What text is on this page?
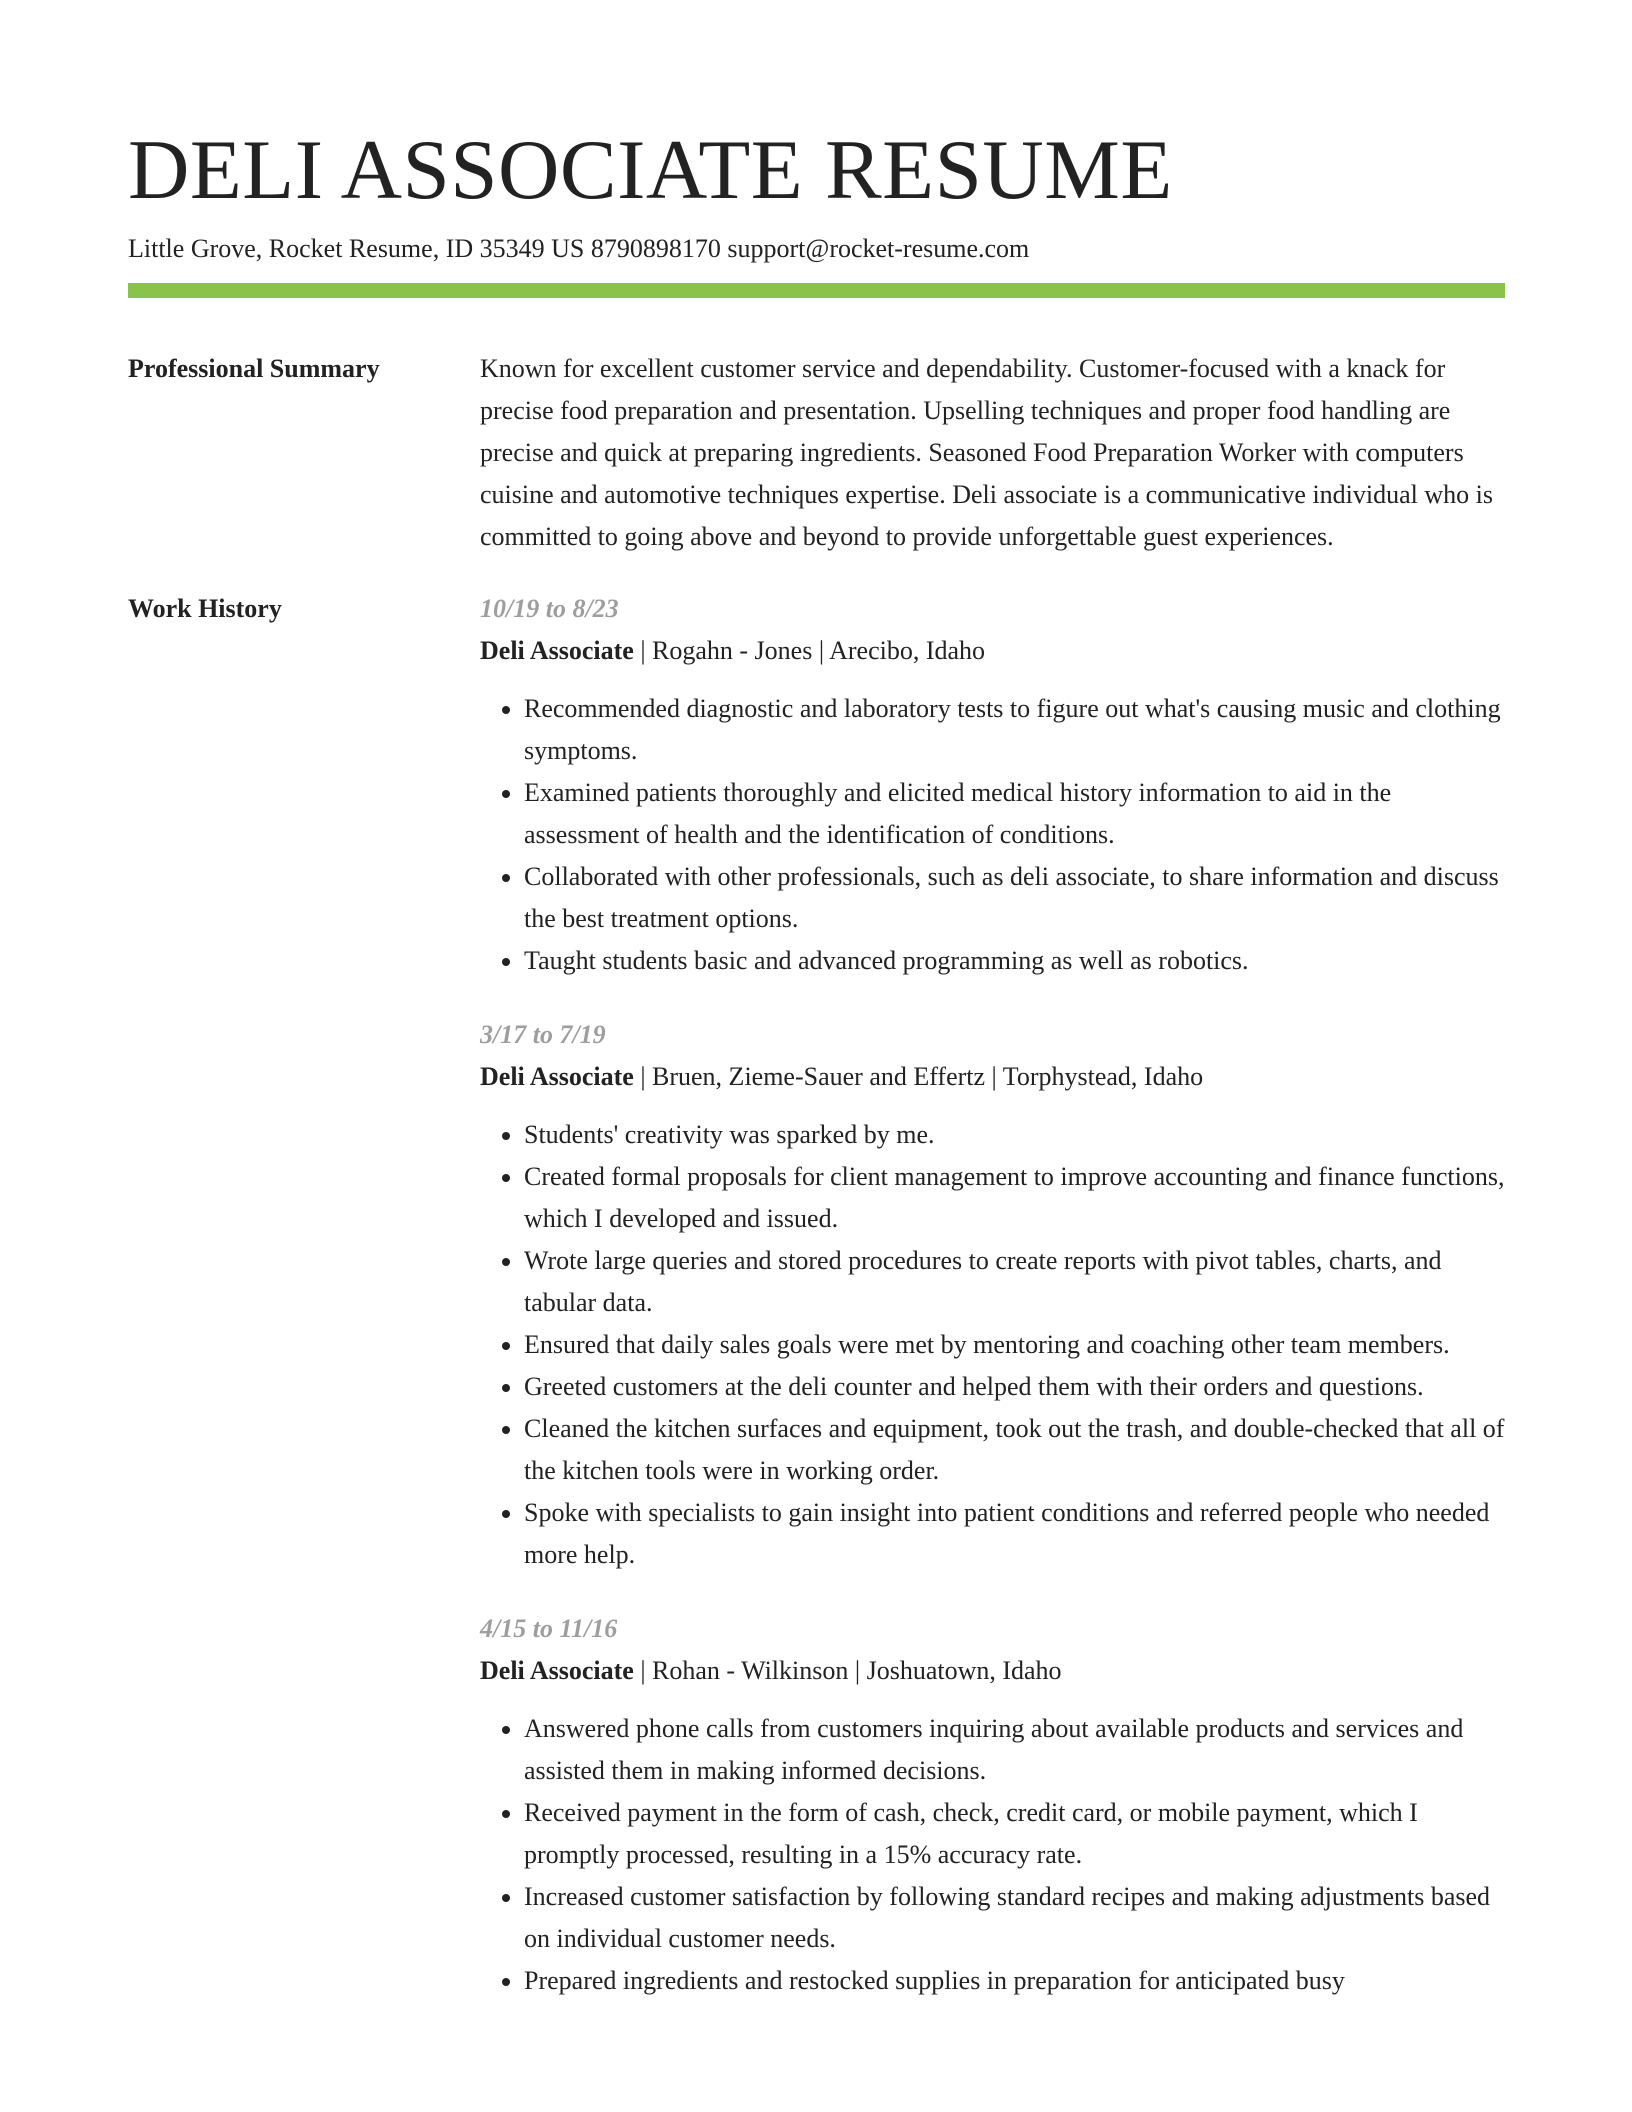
DELI ASSOCIATE RESUME
Little Grove, Rocket Resume, ID 35349 US 8790898170 support@rocket-resume.com
Professional Summary	Known for excellent customer service and dependability. Customer-focused with a knack for precise food preparation and presentation. Upselling techniques and proper food handling are precise and quick at preparing ingredients. Seasoned Food Preparation Worker with computers cuisine and automotive techniques expertise. Deli associate is a communicative individual who is committed to going above and beyond to provide unforgettable guest experiences.
Work History	10/19 to 8/23
Deli Associate | Rogahn - Jones | Arecibo, Idaho
• Recommended diagnostic and laboratory tests to figure out what's causing music and clothing symptoms.
• Examined patients thoroughly and elicited medical history information to aid in the assessment of health and the identification of conditions.
• Collaborated with other professionals, such as deli associate, to share information and discuss the best treatment options.
• Taught students basic and advanced programming as well as robotics.
3/17 to 7/19
Deli Associate | Bruen, Zieme-Sauer and Effertz | Torphystead, Idaho
• Students' creativity was sparked by me.
• Created formal proposals for client management to improve accounting and finance functions, which I developed and issued.
• Wrote large queries and stored procedures to create reports with pivot tables, charts, and tabular data.
• Ensured that daily sales goals were met by mentoring and coaching other team members.
• Greeted customers at the deli counter and helped them with their orders and questions.
• Cleaned the kitchen surfaces and equipment, took out the trash, and double-checked that all of the kitchen tools were in working order.
• Spoke with specialists to gain insight into patient conditions and referred people who needed more help.
4/15 to 11/16
Deli Associate | Rohan - Wilkinson | Joshuatown, Idaho
• Answered phone calls from customers inquiring about available products and services and assisted them in making informed decisions.
• Received payment in the form of cash, check, credit card, or mobile payment, which I promptly processed, resulting in a 15% accuracy rate.
• Increased customer satisfaction by following standard recipes and making adjustments based on individual customer needs.
• Prepared ingredients and restocked supplies in preparation for anticipated busy
